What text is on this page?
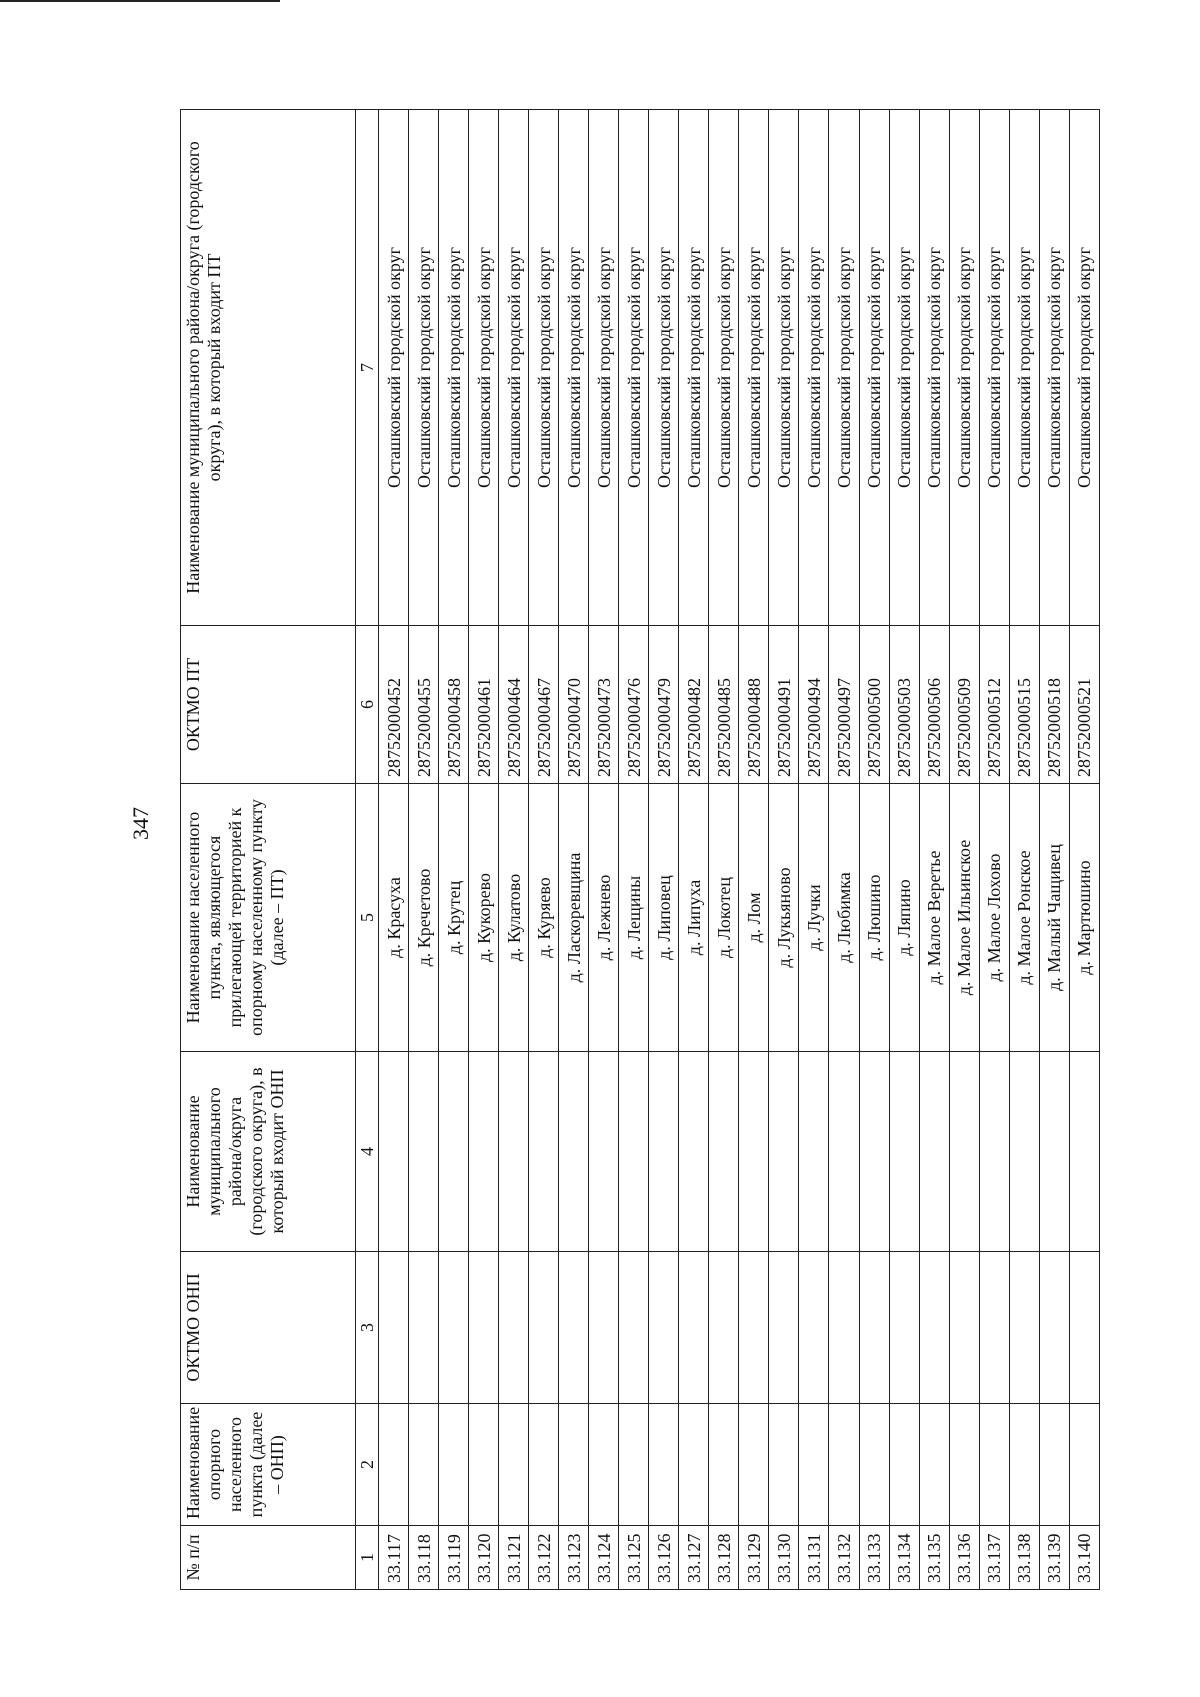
347
№ п/п	Наименование опорного населенного пункта (далее – ОНП)	ОКТМО ОНП	Наименование муниципального района/округа (городского округа), в который входит ОНП	Наименование населенного пункта, являющегося прилегающей территорией к опорному населенному пункту (далее – ПТ)	ОКТМО ПТ	Наименование муниципального района/округа (городского округа), в который входит ПТ
1	2	3	4	5	6	7
33.117				д. Красуха	28752000452	Осташковский городской округ
33.118				д. Кречетово	28752000455	Осташковский городской округ
33.119				д. Крутец	28752000458	Осташковский городской округ
33.120				д. Кукорево	28752000461	Осташковский городской округ
33.121				д. Кулатово	28752000464	Осташковский городской округ
33.122				д. Куряево	28752000467	Осташковский городской округ
33.123				д. Ласкоревщина	28752000470	Осташковский городской округ
33.124				д. Лежнево	28752000473	Осташковский городской округ
33.125				д. Лещины	28752000476	Осташковский городской округ
33.126				д. Липовец	28752000479	Осташковский городской округ
33.127				д. Липуха	28752000482	Осташковский городской округ
33.128				д. Локотец	28752000485	Осташковский городской округ
33.129				д. Лом	28752000488	Осташковский городской округ
33.130				д. Лукьяново	28752000491	Осташковский городской округ
33.131				д. Лучки	28752000494	Осташковский городской округ
33.132				д. Любимка	28752000497	Осташковский городской округ
33.133				д. Люшино	28752000500	Осташковский городской округ
33.134				д. Ляпино	28752000503	Осташковский городской округ
33.135				д. Малое Веретье	28752000506	Осташковский городской округ
33.136				д. Малое Ильинское	28752000509	Осташковский городской округ
33.137				д. Малое Лохово	28752000512	Осташковский городской округ
33.138				д. Малое Ронское	28752000515	Осташковский городской округ
33.139				д. Малый Чащивец	28752000518	Осташковский городской округ
33.140				д. Мартюшино	28752000521	Осташковский городской округ
